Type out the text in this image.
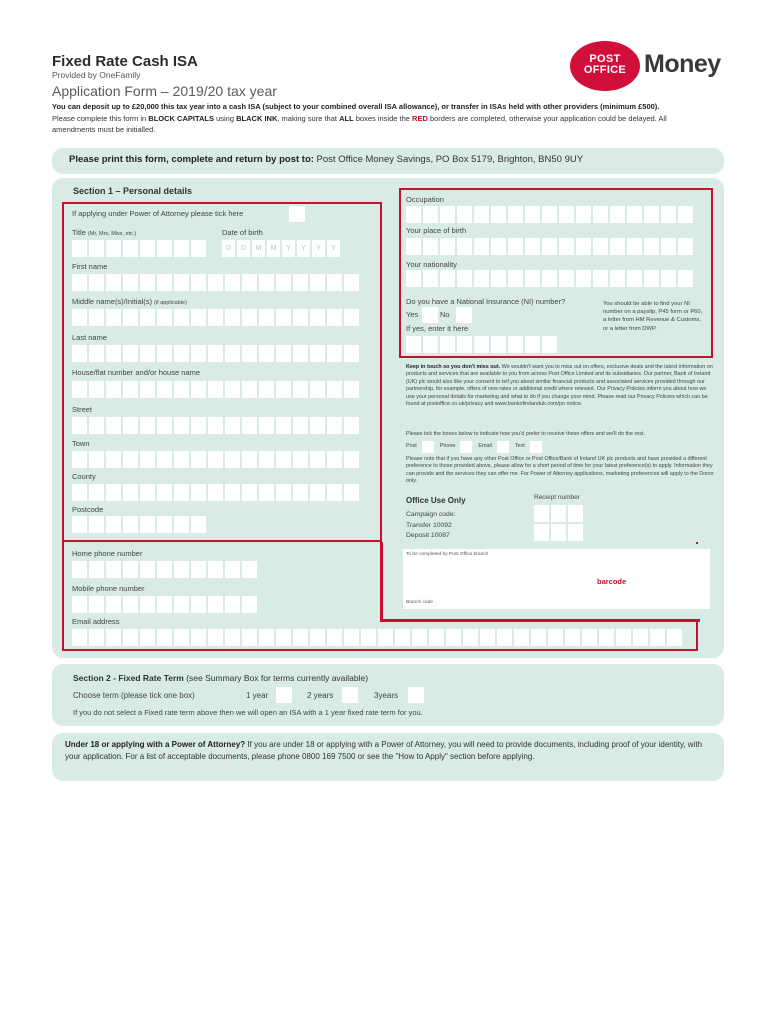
Fixed Rate Cash ISA
Provided by OneFamily
Application Form – 2019/20 tax year
You can deposit up to £20,000 this tax year into a cash ISA (subject to your combined overall ISA allowance), or transfer in ISAs held with other providers (minimum £500).
Please complete this form in BLOCK CAPITALS using BLACK INK, making sure that ALL boxes inside the RED borders are completed, otherwise your application could be delayed. All amendments must be initialled.
POST
OFFICE Money
Please print this form, complete and return by post to: Post Office Money Savings, PO Box 5179, Brighton, BN50 9UY
Section 1 – Personal details
If applying under Power of Attorney please tick here
Title (Mr, Mrs, Miss, etc.)	Date of birth
D	D	M	M	Y	Y	Y	Y
First name
Middle name(s)/Initial(s) (if applicable)
Last name
House/flat number and/or house name
Street
Town
County
Postcode
Home phone number
Mobile phone number
Email address
Occupation
Your place of birth
Your nationality
Do you have a National Insurance (NI) number?
Yes	No
If yes, enter it here
You should be able to find your NI number on a payslip, P45 form or P60, a letter from HM Revenue & Customs, or a letter from DWP.
Keep in touch so you don't miss out. We wouldn't want you to miss out on offers, exclusive deals and the latest information on products and services that are available to you from across Post Office Limited and its subsidiaries. Our partner, Bank of Ireland (UK) plc would also like your consent to tell you about similar financial products and associated services provided through our partnership, for example, offers of new rates or additional credit where relevant. Our Privacy Policies inform you about how we use your personal details for marketing and what to do if you change your mind. Please read our Privacy Policies which can be found at postoffice.co.uk/privacy and www.bankofirelanduk.com/po notice.
Please tick the boxes below to indicate how you'd prefer to receive these offers and we'll do the rest.
Post	Phone	Email	Text
Please note that if you have any other Post Office or Post Office/Bank of Ireland UK plc products and have provided a different preference to those provided above, please allow for a short period of time for your latest preference(s) to apply. Information they can provide and the services they can offer me. For Power of Attorney applications, marketing preferences will apply to the Donor only.
Office Use Only	Receipt number
Campaign code:
Transfer 10092
Deposit 10087
To be completed by Post Office branch
barcode
Branch code
Section 2 - Fixed Rate Term (see Summary Box for terms currently available)
Choose term (please tick one box)	1 year	2 years	3years
If you do not select a Fixed rate term above then we will open an ISA with a 1 year fixed rate term for you.
Under 18 or applying with a Power of Attorney? If you are under 18 or applying with a Power of Attorney, you will need to provide documents, including proof of your identity, with your application. For a list of acceptable documents, please phone 0800 169 7500 or see the "How to Apply" section before applying.
